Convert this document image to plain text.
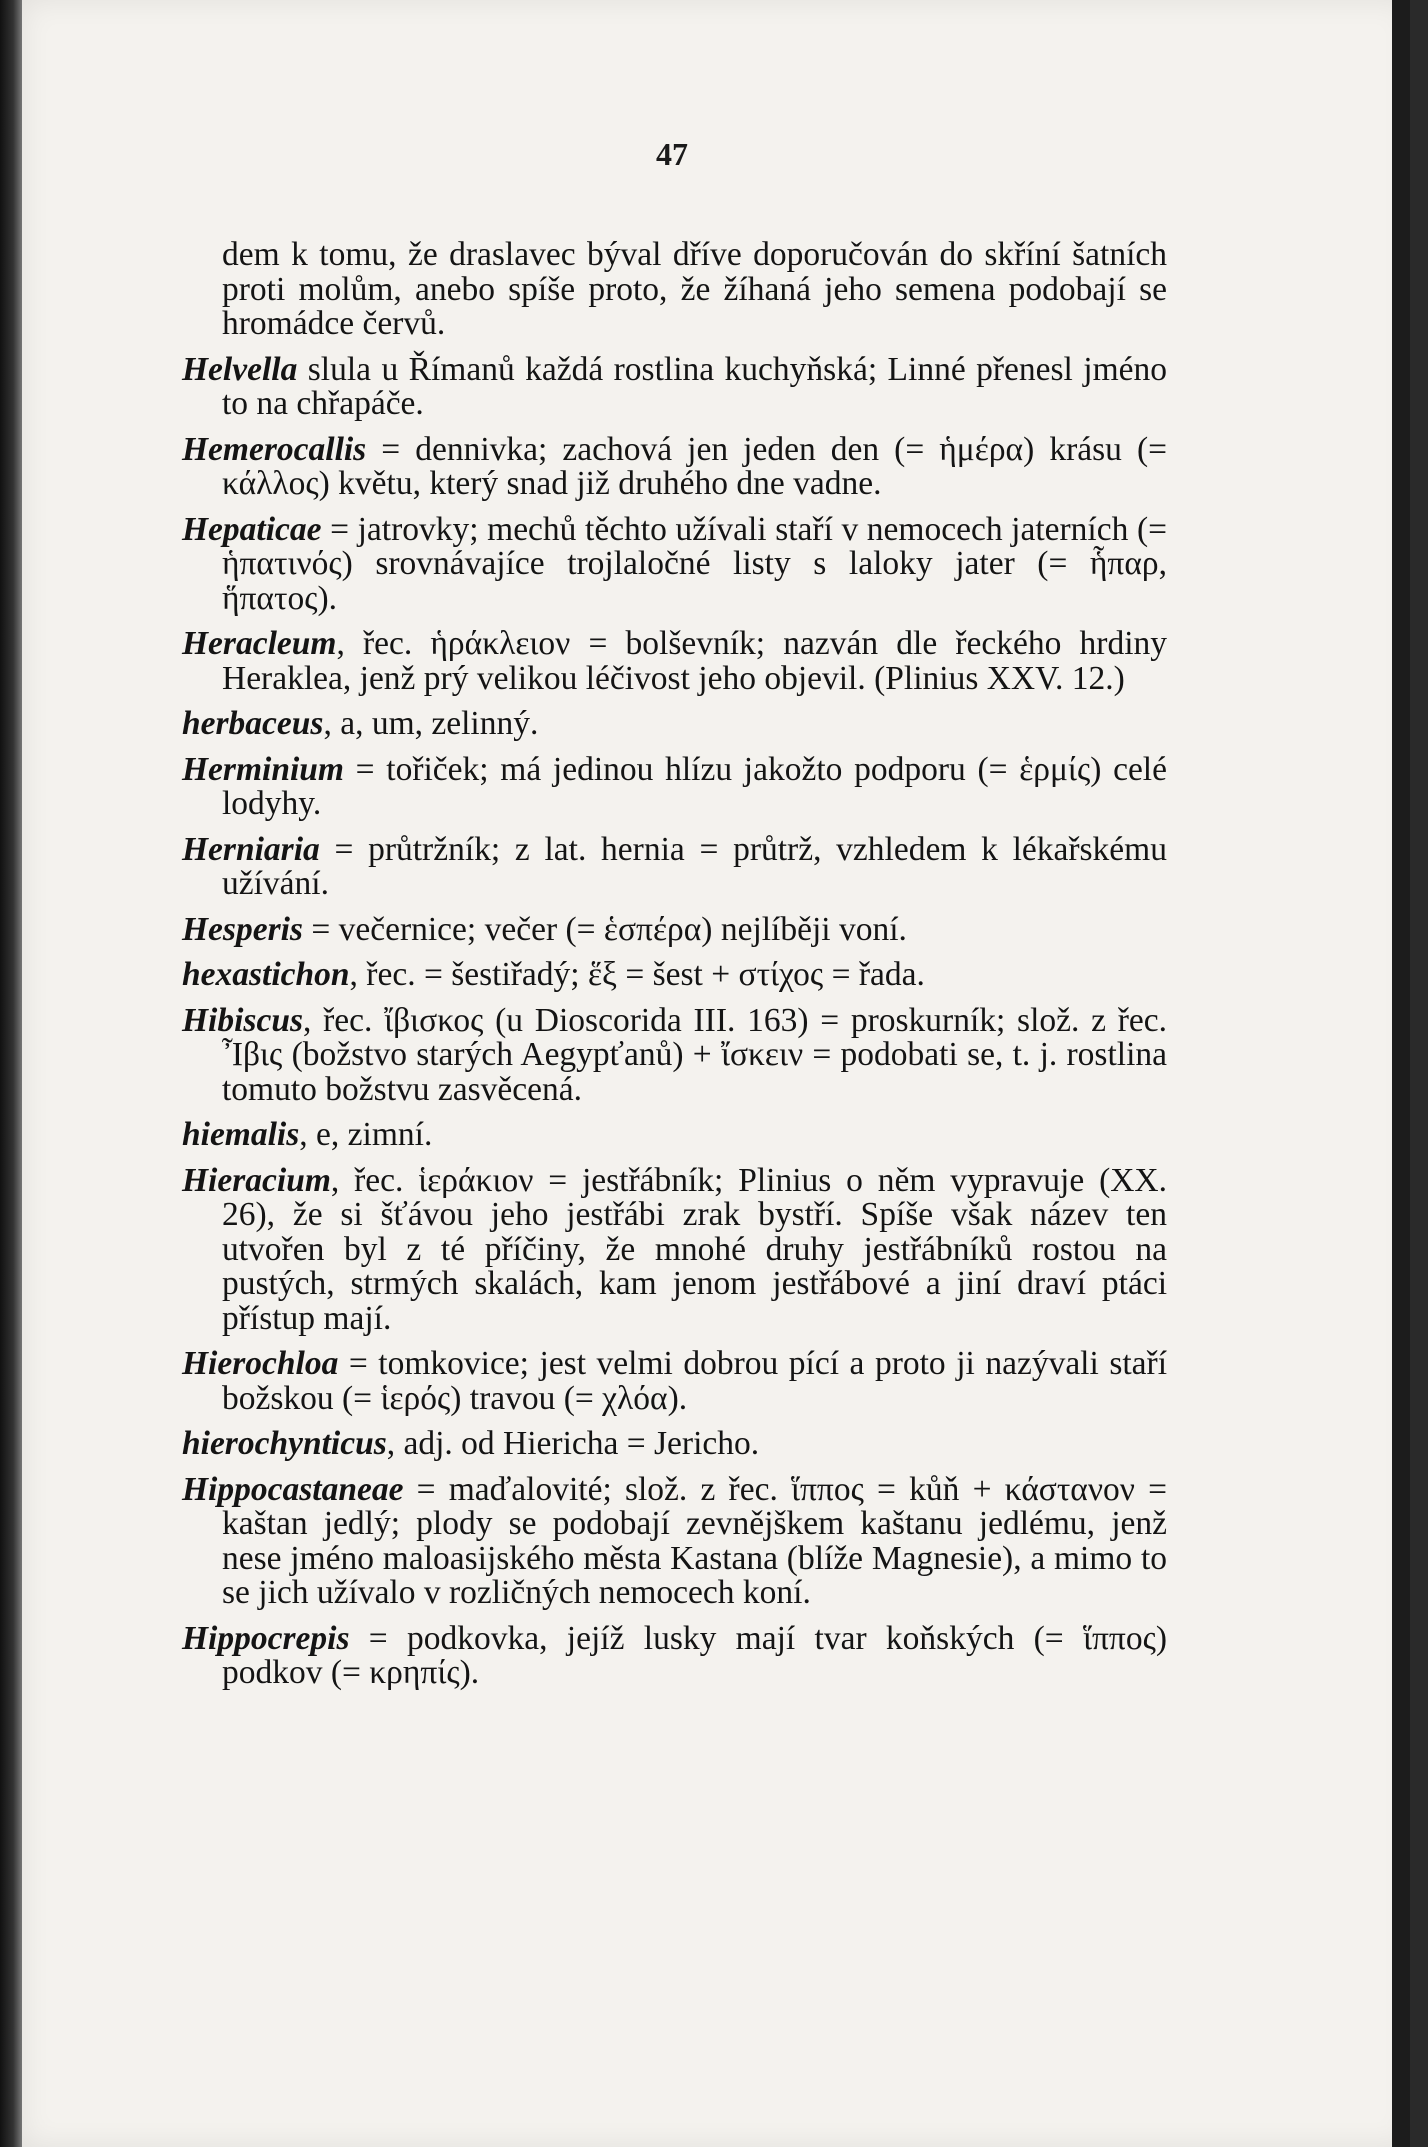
47

dem k tomu, že draslavec býval dříve doporučován do skříní šatních proti molům, anebo spíše proto, že žíhaná jeho semena podobají se hromádce červů.

Helvella slula u Římanů každá rostlina kuchyňská; Linné přenesl jméno to na chřapáče.

Hemerocallis = dennivka; zachová jen jeden den (= ἡμέρα) krásu (= κάλλος) květu, který snad již druhého dne vadne.

Hepaticae = jatrovky; mechů těchto užívali staří v nemocech jaterních (= ἡπατινός) srovnávajíce trojlaločné listy s laloky jater (= ἧπαρ, ἥπατος).

Heracleum, řec. ἡράκλειον = bolševník; nazván dle řeckého hrdiny Heraklea, jenž prý velikou léčivost jeho objevil. (Plinius XXV. 12.)

herbaceus, a, um, zelinný.

Herminium = tořiček; má jedinou hlízu jakožto podporu (= ἑρμίς) celé lodyhy.

Herniaria = průtržník; z lat. hernia = průtrž, vzhledem k lékařskému užívání.

Hesperis = večernice; večer (= ἑσπέρα) nejlíběji voní.

hexastichon, řec. = šestiřadý; ἕξ = šest + στίχος = řada.

Hibiscus, řec. ἴβισκος (u Dioscorida III. 163) = proskurník; slož. z řec. Ἶβις (božstvo starých Aegypťanů) + ἴσκειν = podobati se, t. j. rostlina tomuto božstvu zasvěcená.

hiemalis, e, zimní.

Hieracium, řec. ἱεράκιον = jestřábník; Plinius o něm vypravuje (XX. 26), že si šťávou jeho jestřábi zrak bystří. Spíše však název ten utvořen byl z té příčiny, že mnohé druhy jestřábníků rostou na pustých, strmých skalách, kam jenom jestřábové a jiní draví ptáci přístup mají.

Hierochloa = tomkovice; jest velmi dobrou pící a proto ji nazývali staří božskou (= ἱερός) travou (= χλόα).

hierochynticus, adj. od Hiericha = Jericho.

Hippocastaneae = maďalovité; slož. z řec. ἵππος = kůň + κάστανον = kaštan jedlý; plody se podobají zevnějškem kaštanu jedlému, jenž nese jméno maloasijského města Kastana (blíže Magnesie), a mimo to se jich užívalo v rozličných nemocech koní.

Hippocrepis = podkovka, jejíž lusky mají tvar koňských (= ἵππος) podkov (= κρηπίς).
